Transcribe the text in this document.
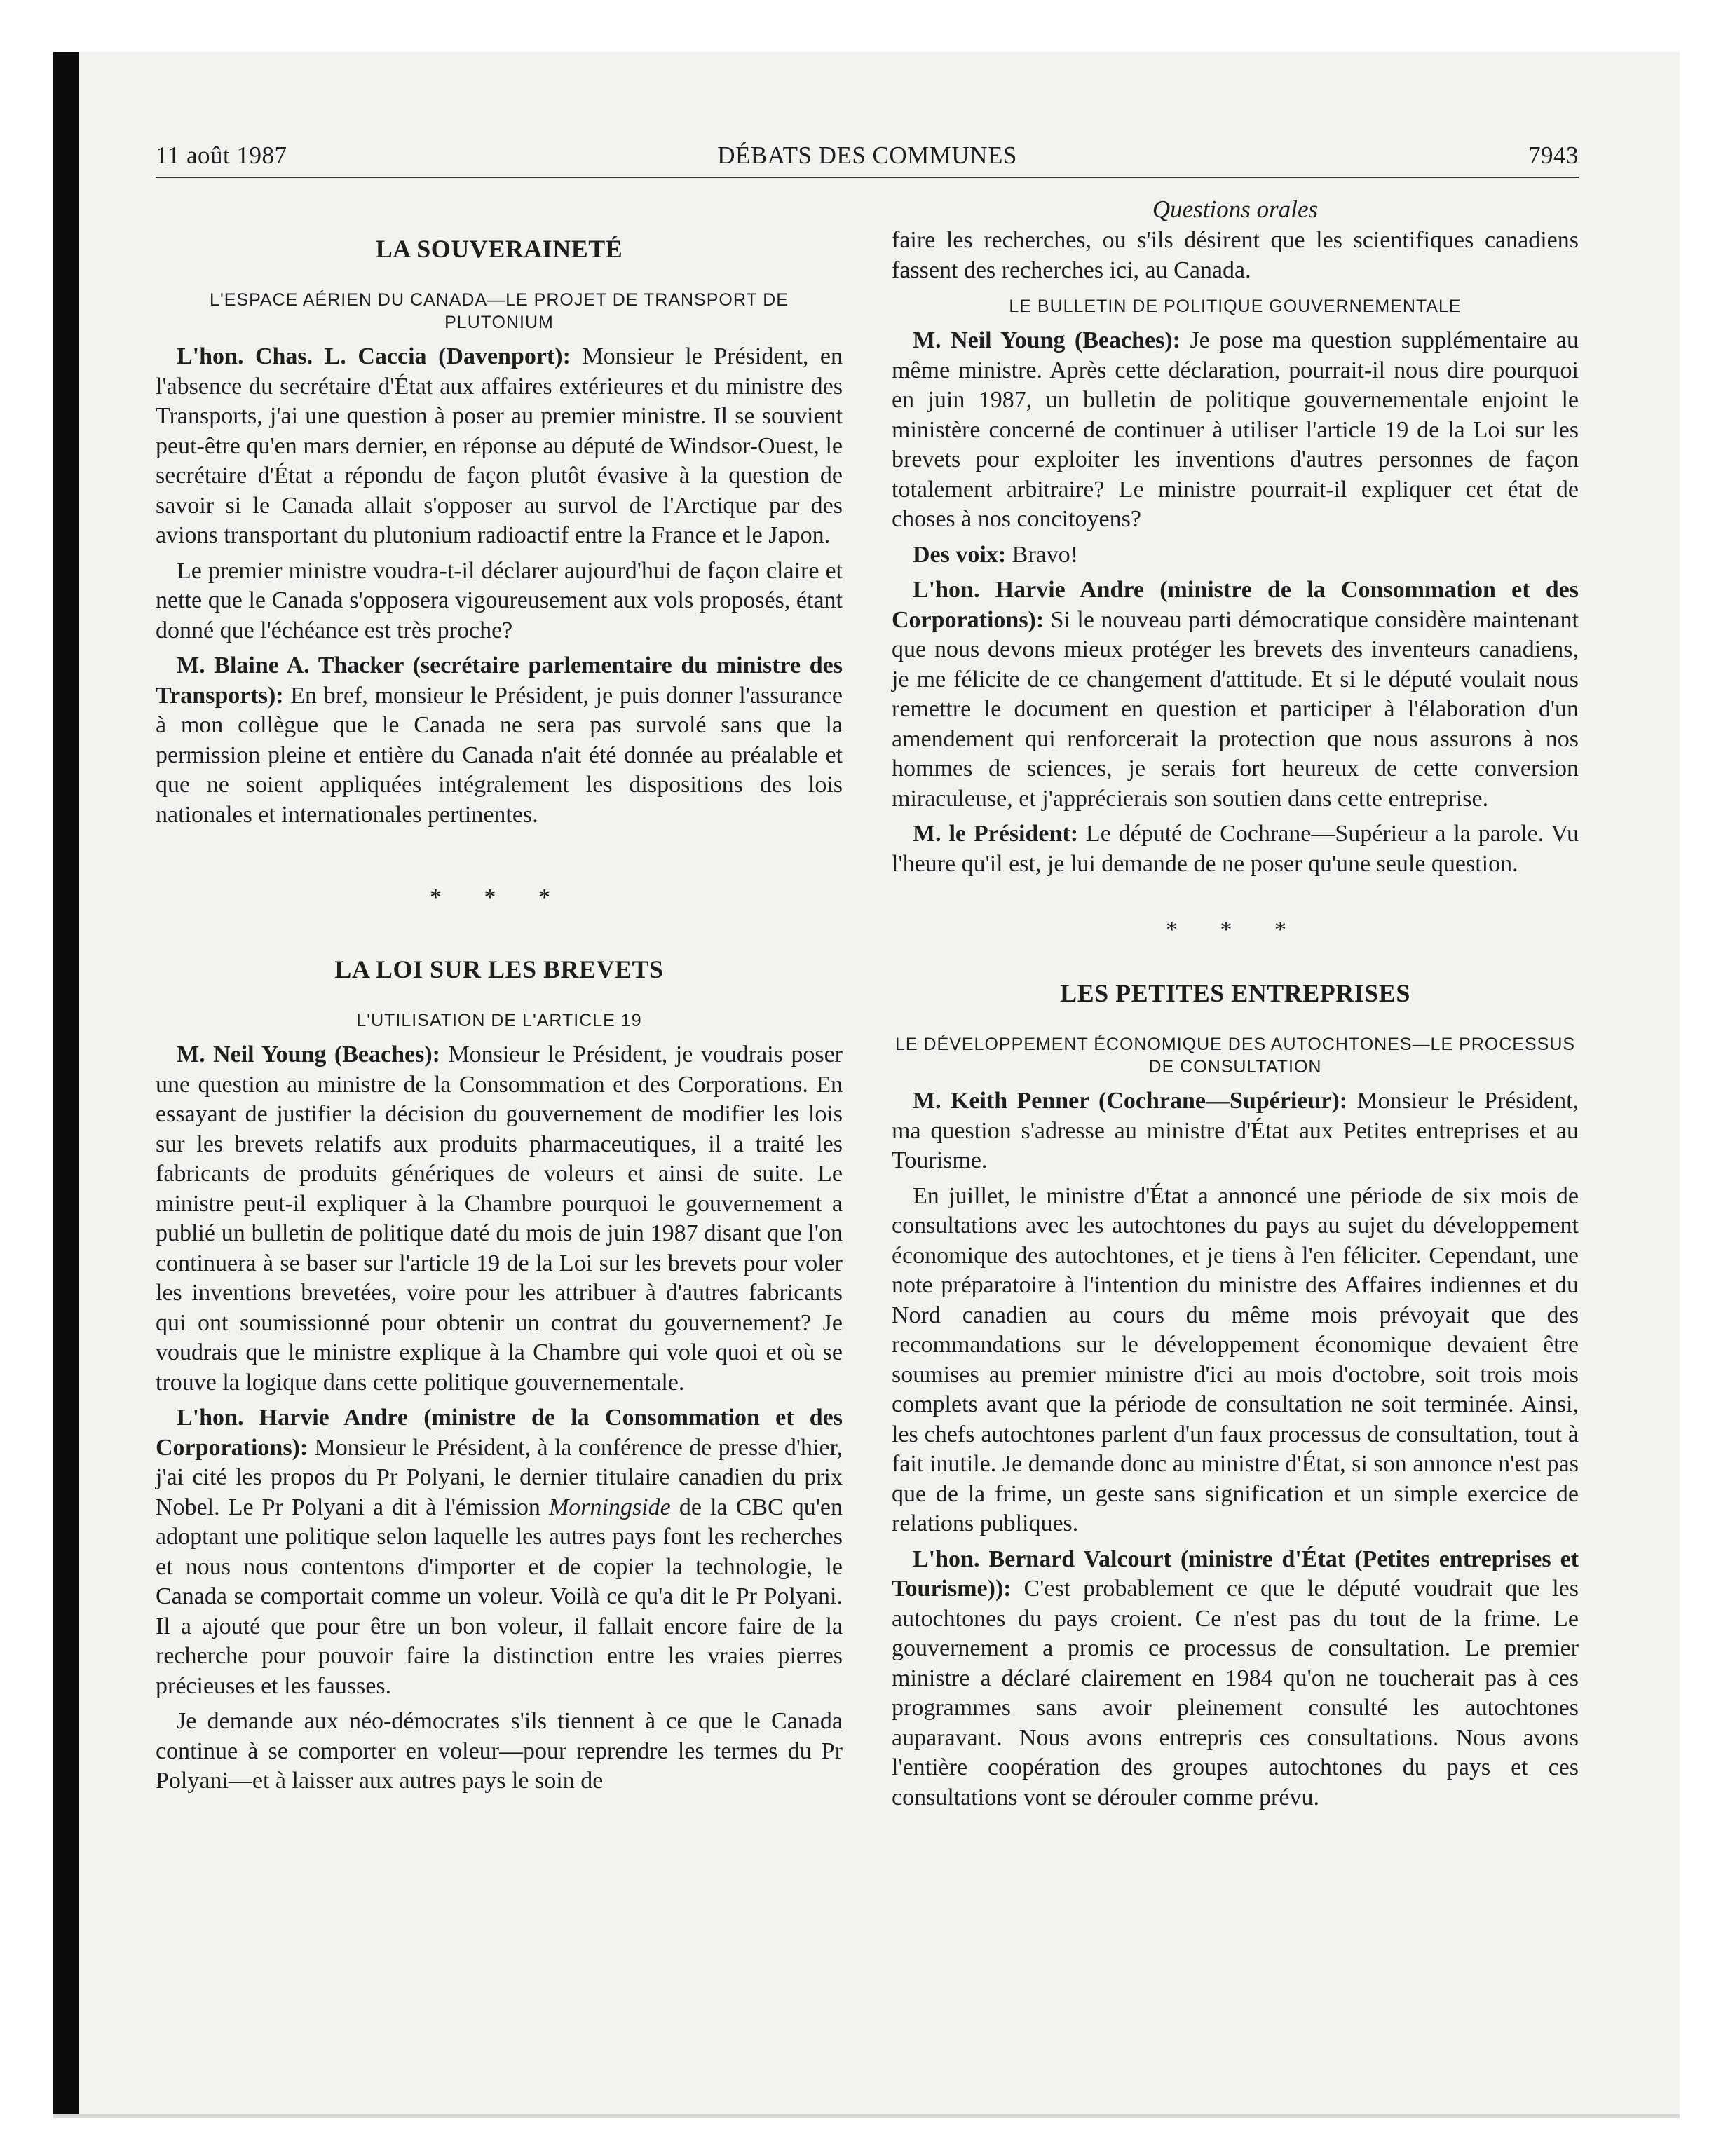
11 août 1987	DÉBATS DES COMMUNES	7943
LA SOUVERAINETÉ
L'ESPACE AÉRIEN DU CANADA—LE PROJET DE TRANSPORT DE PLUTONIUM

L'hon. Chas. L. Caccia (Davenport): Monsieur le Président, en l'absence du secrétaire d'État aux affaires extérieures et du ministre des Transports, j'ai une question à poser au premier ministre. Il se souvient peut-être qu'en mars dernier, en réponse au député de Windsor-Ouest, le secrétaire d'État a répondu de façon plutôt évasive à la question de savoir si le Canada allait s'opposer au survol de l'Arctique par des avions transportant du plutonium radioactif entre la France et le Japon.

Le premier ministre voudra-t-il déclarer aujourd'hui de façon claire et nette que le Canada s'opposera vigoureusement aux vols proposés, étant donné que l'échéance est très proche?

M. Blaine A. Thacker (secrétaire parlementaire du ministre des Transports): En bref, monsieur le Président, je puis donner l'assurance à mon collègue que le Canada ne sera pas survolé sans que la permission pleine et entière du Canada n'ait été donnée au préalable et que ne soient appliquées intégralement les dispositions des lois nationales et internationales pertinentes.

* * *
LA LOI SUR LES BREVETS
L'UTILISATION DE L'ARTICLE 19

M. Neil Young (Beaches): Monsieur le Président, je voudrais poser une question au ministre de la Consommation et des Corporations. En essayant de justifier la décision du gouvernement de modifier les lois sur les brevets relatifs aux produits pharmaceutiques, il a traité les fabricants de produits génériques de voleurs et ainsi de suite. Le ministre peut-il expliquer à la Chambre pourquoi le gouvernement a publié un bulletin de politique daté du mois de juin 1987 disant que l'on continuera à se baser sur l'article 19 de la Loi sur les brevets pour voler les inventions brevetées, voire pour les attribuer à d'autres fabricants qui ont soumissionné pour obtenir un contrat du gouvernement? Je voudrais que le ministre explique à la Chambre qui vole quoi et où se trouve la logique dans cette politique gouvernementale.

L'hon. Harvie Andre (ministre de la Consommation et des Corporations): Monsieur le Président, à la conférence de presse d'hier, j'ai cité les propos du Pr Polyani, le dernier titulaire canadien du prix Nobel. Le Pr Polyani a dit à l'émission Morningside de la CBC qu'en adoptant une politique selon laquelle les autres pays font les recherches et nous nous contentons d'importer et de copier la technologie, le Canada se comportait comme un voleur. Voilà ce qu'a dit le Pr Polyani. Il a ajouté que pour être un bon voleur, il fallait encore faire de la recherche pour pouvoir faire la distinction entre les vraies pierres précieuses et les fausses.

Je demande aux néo-démocrates s'ils tiennent à ce que le Canada continue à se comporter en voleur—pour reprendre les termes du Pr Polyani—et à laisser aux autres pays le soin de

Questions orales

faire les recherches, ou s'ils désirent que les scientifiques canadiens fassent des recherches ici, au Canada.

LE BULLETIN DE POLITIQUE GOUVERNEMENTALE

M. Neil Young (Beaches): Je pose ma question supplémentaire au même ministre. Après cette déclaration, pourrait-il nous dire pourquoi en juin 1987, un bulletin de politique gouvernementale enjoint le ministère concerné de continuer à utiliser l'article 19 de la Loi sur les brevets pour exploiter les inventions d'autres personnes de façon totalement arbitraire? Le ministre pourrait-il expliquer cet état de choses à nos concitoyens?

Des voix: Bravo!

L'hon. Harvie Andre (ministre de la Consommation et des Corporations): Si le nouveau parti démocratique considère maintenant que nous devons mieux protéger les brevets des inventeurs canadiens, je me félicite de ce changement d'attitude. Et si le député voulait nous remettre le document en question et participer à l'élaboration d'un amendement qui renforcerait la protection que nous assurons à nos hommes de sciences, je serais fort heureux de cette conversion miraculeuse, et j'apprécierais son soutien dans cette entreprise.

M. le Président: Le député de Cochrane—Supérieur a la parole. Vu l'heure qu'il est, je lui demande de ne poser qu'une seule question.

* * *
LES PETITES ENTREPRISES
LE DÉVELOPPEMENT ÉCONOMIQUE DES AUTOCHTONES—LE PROCESSUS DE CONSULTATION

M. Keith Penner (Cochrane—Supérieur): Monsieur le Président, ma question s'adresse au ministre d'État aux Petites entreprises et au Tourisme.

En juillet, le ministre d'État a annoncé une période de six mois de consultations avec les autochtones du pays au sujet du développement économique des autochtones, et je tiens à l'en féliciter. Cependant, une note préparatoire à l'intention du ministre des Affaires indiennes et du Nord canadien au cours du même mois prévoyait que des recommandations sur le développement économique devaient être soumises au premier ministre d'ici au mois d'octobre, soit trois mois complets avant que la période de consultation ne soit terminée. Ainsi, les chefs autochtones parlent d'un faux processus de consultation, tout à fait inutile. Je demande donc au ministre d'État, si son annonce n'est pas que de la frime, un geste sans signification et un simple exercice de relations publiques.

L'hon. Bernard Valcourt (ministre d'État (Petites entreprises et Tourisme)): C'est probablement ce que le député voudrait que les autochtones du pays croient. Ce n'est pas du tout de la frime. Le gouvernement a promis ce processus de consultation. Le premier ministre a déclaré clairement en 1984 qu'on ne toucherait pas à ces programmes sans avoir pleinement consulté les autochtones auparavant. Nous avons entrepris ces consultations. Nous avons l'entière coopération des groupes autochtones du pays et ces consultations vont se dérouler comme prévu.
